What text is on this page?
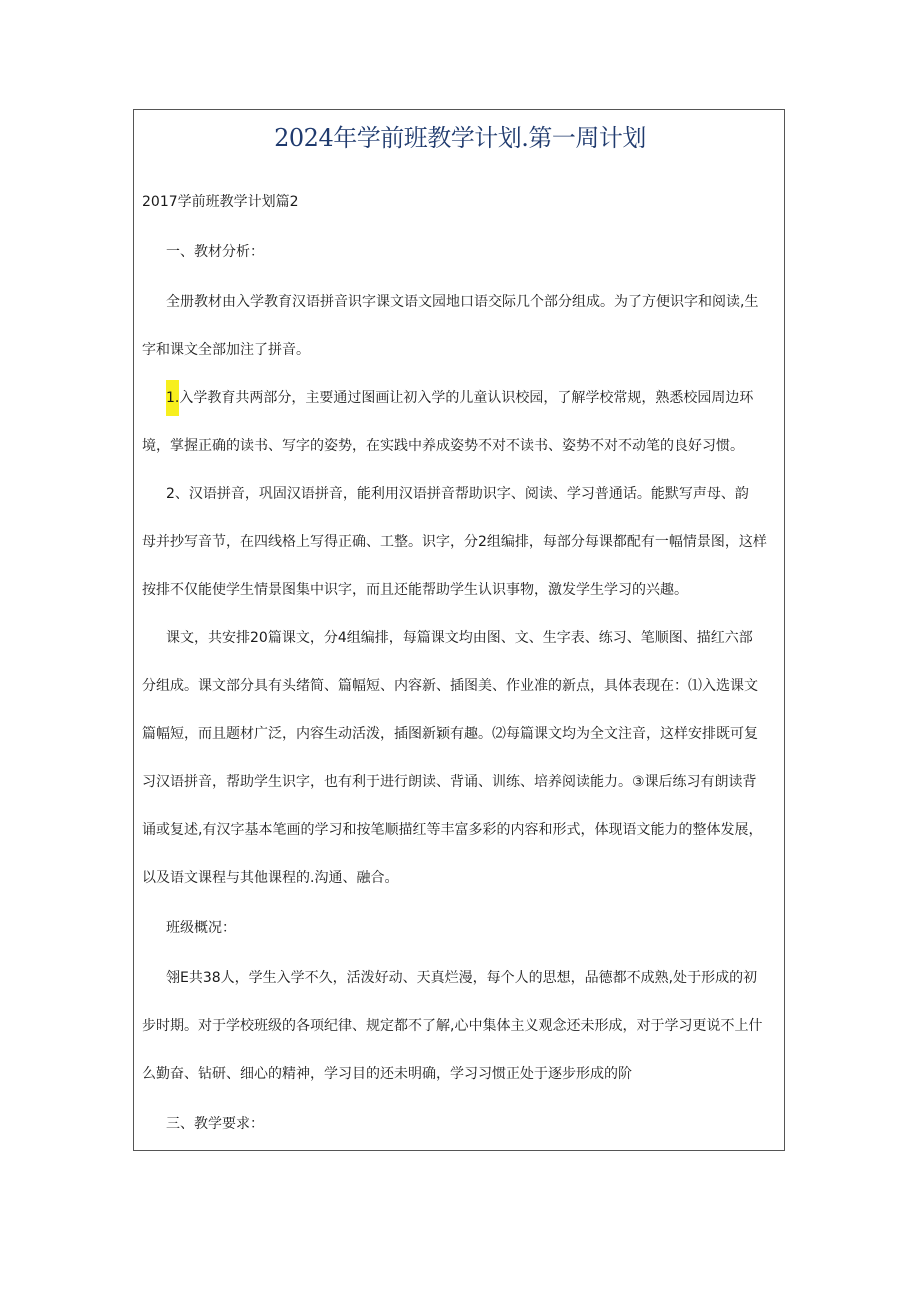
2024年学前班教学计划.第一周计划
2017学前班教学计划篇2
一、教材分析：
全册教材由入学教育汉语拼音识字课文语文园地口语交际几个部分组成。为了方便识字和阅读,生
字和课文全部加注了拼音。
1.入学教育共两部分，主要通过图画让初入学的儿童认识校园，了解学校常规，熟悉校园周边环
境，掌握正确的读书、写字的姿势，在实践中养成姿势不对不读书、姿势不对不动笔的良好习惯。
2、汉语拼音，巩固汉语拼音，能利用汉语拼音帮助识字、阅读、学习普通话。能默写声母、韵
母并抄写音节，在四线格上写得正确、工整。识字，分2组编排，每部分每课都配有一幅情景图，这样
按排不仅能使学生情景图集中识字，而且还能帮助学生认识事物，激发学生学习的兴趣。
课文，共安排20篇课文，分4组编排，每篇课文均由图、文、生字表、练习、笔顺图、描红六部
分组成。课文部分具有头绪简、篇幅短、内容新、插图美、作业准的新点，具体表现在：⑴入选课文
篇幅短，而且题材广泛，内容生动活泼，插图新颖有趣。⑵每篇课文均为全文注音，这样安排既可复
习汉语拼音，帮助学生识字，也有利于进行朗读、背诵、训练、培养阅读能力。③课后练习有朗读背
诵或复述,有汉字基本笔画的学习和按笔顺描红等丰富多彩的内容和形式，体现语文能力的整体发展，
以及语文课程与其他课程的.沟通、融合。
班级概况：
翎E共38人，学生入学不久，活泼好动、天真烂漫，每个人的思想，品德都不成熟,处于形成的初
步时期。对于学校班级的各项纪律、规定都不了解,心中集体主义观念还未形成，对于学习更说不上什
么勤奋、钻研、细心的精神，学习目的还未明确，学习习惯正处于逐步形成的阶
三、教学要求：
